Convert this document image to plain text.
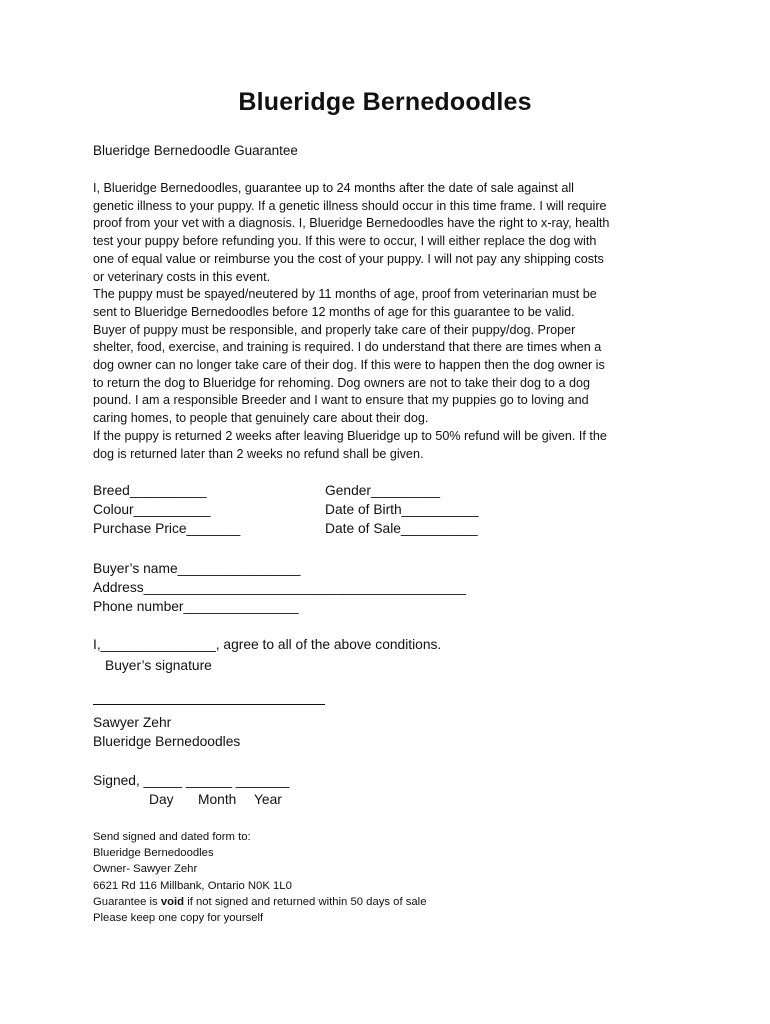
Blueridge Bernedoodles
Blueridge Bernedoodle Guarantee
I, Blueridge Bernedoodles, guarantee up to 24 months after the date of sale against all
genetic illness to your puppy. If a genetic illness should occur in this time frame. I will require
proof from your vet with a diagnosis. I, Blueridge Bernedoodles have the right to x-ray, health
test your puppy before refunding you. If this were to occur, I will either replace the dog with
one of equal value or reimburse you the cost of your puppy. I will not pay any shipping costs
or veterinary costs in this event.
The puppy must be spayed/neutered by 11 months of age, proof from veterinarian must be
sent to Blueridge Bernedoodles before 12 months of age for this guarantee to be valid.
Buyer of puppy must be responsible, and properly take care of their puppy/dog. Proper
shelter, food, exercise, and training is required. I do understand that there are times when a
dog owner can no longer take care of their dog. If this were to happen then the dog owner is
to return the dog to Blueridge for rehoming. Dog owners are not to take their dog to a dog
pound. I am a responsible Breeder and I want to ensure that my puppies go to loving and
caring homes, to people that genuinely care about their dog.
If the puppy is returned 2 weeks after leaving Blueridge up to 50% refund will be given. If the
dog is returned later than 2 weeks no refund shall be given.
Breed__________
Colour__________
Purchase Price_______
Gender_________
Date of Birth__________
Date of Sale__________
Buyer’s name________________
Address__________________________________________
Phone number_______________
I,_______________, agree to all of the above conditions.
Buyer’s signature
Sawyer Zehr
Blueridge Bernedoodles
Signed, _____ ______ _______
Day Month Year
Send signed and dated form to:
Blueridge Bernedoodles
Owner- Sawyer Zehr
6621 Rd 116 Millbank, Ontario N0K 1L0
Guarantee is void if not signed and returned within 50 days of sale
Please keep one copy for yourself
